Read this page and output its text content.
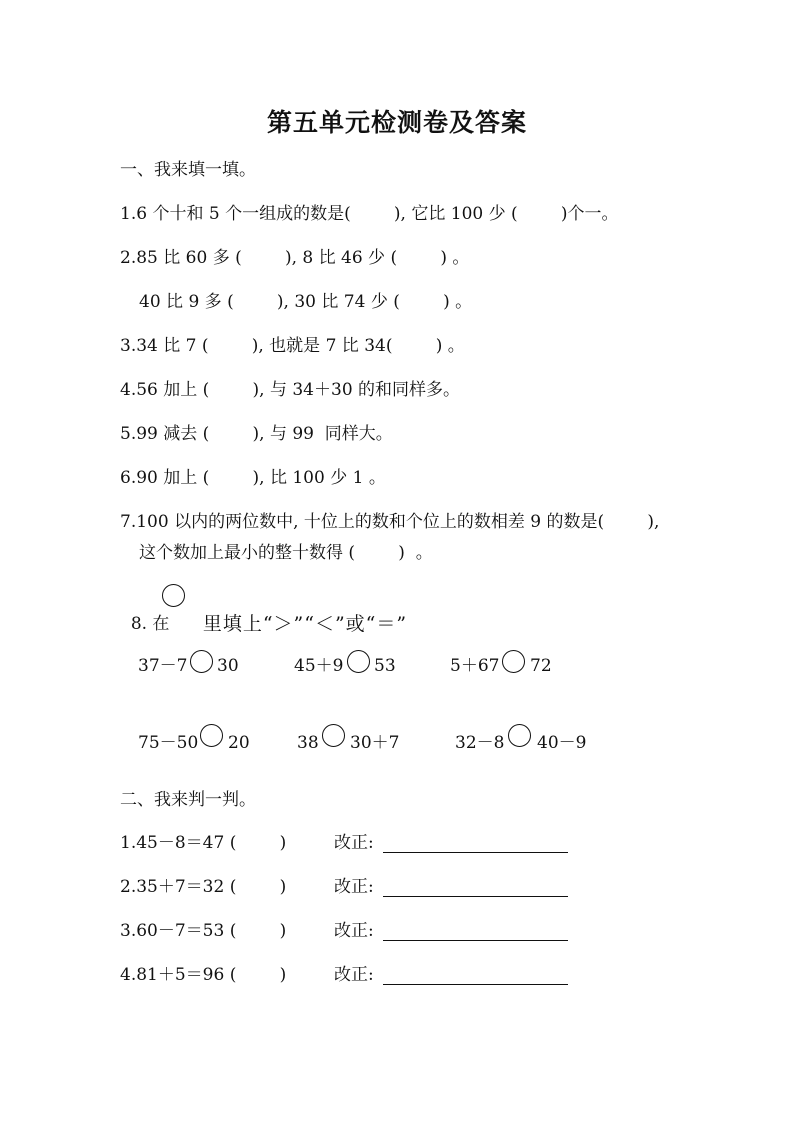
第五单元检测卷及答案
一、我来填一填。
1.6 个十和 5 个一组成的数是(        ), 它比 100 少 (        )个一。
2.85 比 60 多 (        ), 8 比 46 少 (        ) 。
40 比 9 多 (        ), 30 比 74 少 (        ) 。
3.34 比 7 (        ), 也就是 7 比 34(        ) 。
4.56 加上 (        ), 与 34＋30 的和同样多。
5.99 减去 (        ), 与 99  同样大。
6.90 加上 (        ), 比 100 少 1 。
7.100 以内的两位数中, 十位上的数和个位上的数相差 9 的数是(        ),
这个数加上最小的整十数得 (        )  。

8. 在	里填上“＞”“＜”或“＝”

37－7 30	45＋9 53	5＋67 72
75－50 20	38 30＋7	32－8 40－9
二、我来判一判。
1.45－8＝47 (        )	改正:
2.35＋7＝32 (        )	改正:
3.60－7＝53 (        )	改正:
4.81＋5＝96 (        )	改正:
